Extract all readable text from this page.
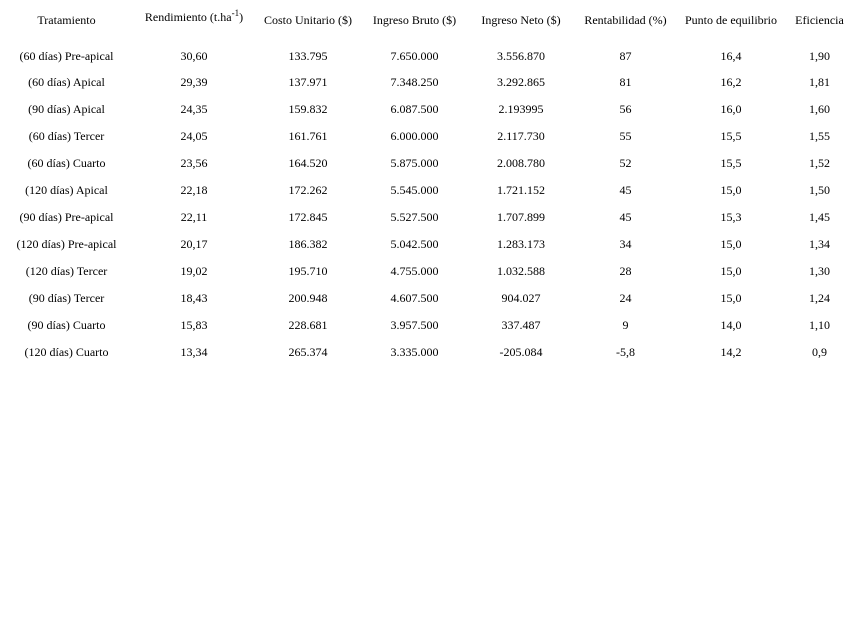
Tratamiento	Rendimiento $(t.ha^{-1})$	Costo Unitario ($)	Ingreso Bruto ($)	Ingreso Neto ($)	Rentabilidad (%)	Punto de equilibrio	Eficiencia
(60 días) Pre-apical	30,60	133.795	7.650.000	3.556.870	87	16,4	1,90
(60 días) Apical	29,39	137.971	7.348.250	3.292.865	81	16,2	1,81
(90 días) Apical	24,35	159.832	6.087.500	2.193995	56	16,0	1,60
(60 días) Tercer	24,05	161.761	6.000.000	2.117.730	55	15,5	1,55
(60 días) Cuarto	23,56	164.520	5.875.000	2.008.780	52	15,5	1,52
(120 días) Apical	22,18	172.262	5.545.000	1.721.152	45	15,0	1,50
(90 días) Pre-apical	22,11	172.845	5.527.500	1.707.899	45	15,3	1,45
(120 días) Pre-apical	20,17	186.382	5.042.500	1.283.173	34	15,0	1,34
(120 días) Tercer	19,02	195.710	4.755.000	1.032.588	28	15,0	1,30
(90 días) Tercer	18,43	200.948	4.607.500	904.027	24	15,0	1,24
(90 días) Cuarto	15,83	228.681	3.957.500	337.487	9	14,0	1,10
(120 días) Cuarto	13,34	265.374	3.335.000	-205.084	-5,8	14,2	0,9
